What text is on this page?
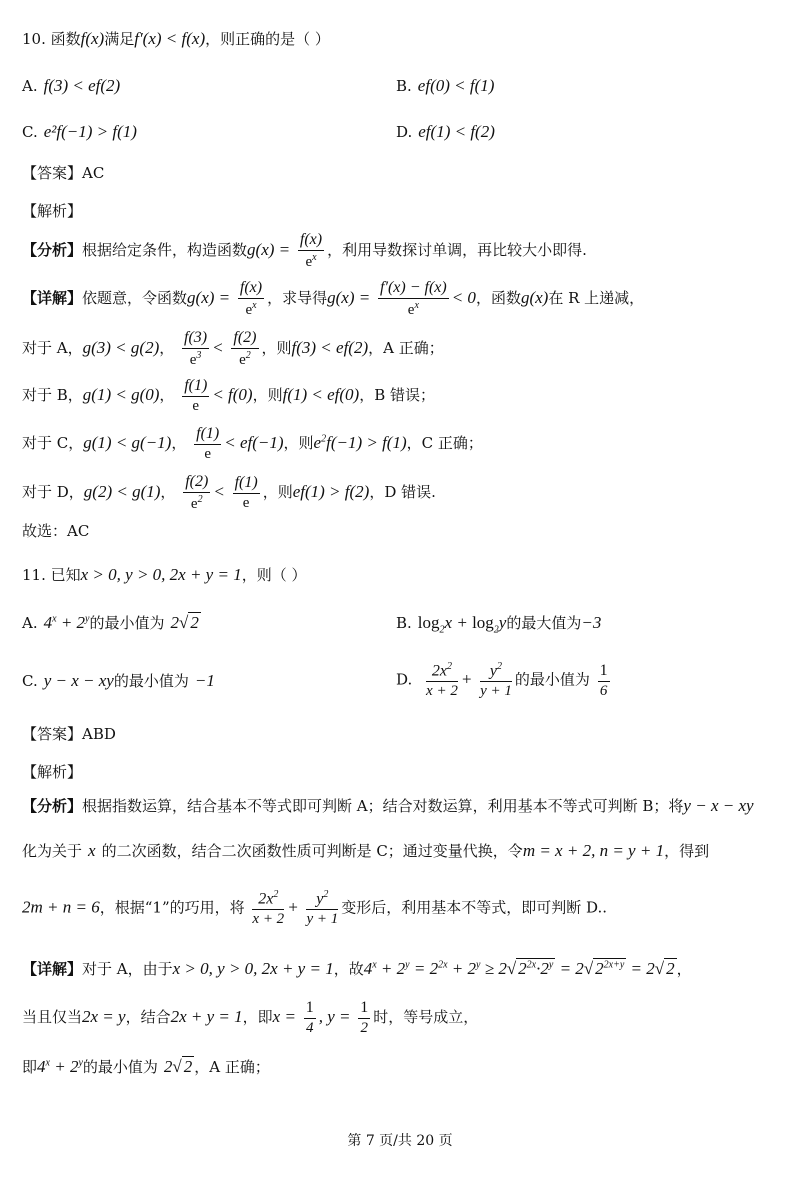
10. 函数f(x)满足f′(x) < f(x)，则正确的是（ ）
A. f(3) < ef(2)	B. ef(0) < f(1)
C. e²f(−1) > f(1)	D. ef(1) < f(2)
【答案】AC
【解析】
【分析】根据给定条件，构造函数$g(x) = \frac{f(x)}{e^x}$ ，利用导数探讨单调，再比较大小即得.
【详解】依题意，令函数$g(x) = \frac{f(x)}{e^x}$ ，求导得$g(x) = \frac{f'(x) - f(x)}{e^x} < 0$，函数g(x)在 R 上递减，
对于 A，g(3) < g(2)， $\frac{f(3)}{e^3} < \frac{f(2)}{e^2}$ ，则f(3) < ef(2)，A 正确；
对于 B，g(1) < g(0)， $\frac{f(1)}{e} < f(0)$，则f(1) < ef(0)，B 错误；
对于 C，g(1) < g(−1)， $\frac{f(1)}{e} < ef(-1)$，则$e^2f(-1) > f(1)$，C 正确；
对于 D，g(2) < g(1)， $\frac{f(2)}{e^2} < \frac{f(1)}{e}$ ，则ef(1) > f(2)，D 错误.
故选：AC
11. 已知x > 0, y > 0, 2x + y = 1，则（ ）
A. $4^x + 2^y$的最小值为 2√ 2	B. $\log_2x + \log_2y$的最大值为−3
C. y − x − xy的最小值为 −1	D. $\frac{2x^2}{x + 2} + \frac{y^2}{y + 1}$ 的最小值为 $\frac{1}{6}$
【答案】ABD
【解析】
【分析】根据指数运算，结合基本不等式即可判断 A；结合对数运算，利用基本不等式可判断 B；将y − x − xy
化为关于 x 的二次函数，结合二次函数性质可判断是 C；通过变量代换，令m = x + 2, n = y + 1，得到
2m + n = 6，根据“1”的巧用，将 $\frac{2x^2}{x + 2} + \frac{y^2}{y + 1}$ 变形后，利用基本不等式，即可判断 D..
【详解】对于 A，由于x > 0, y > 0, 2x + y = 1，故$4^x + 2^y = 2^{2x} + 2^y \ge 2√$ $2^{2x}\cdot 2^y = 2√$ $2^{2x+y} = 2√$ 2 ，
当且仅当2x = y，结合2x + y = 1，即$x = \frac{1}{4}$ , $y = \frac{1}{2}$ 时，等号成立，
即$4^x + 2^y$的最小值为 2√ 2 ，A 正确；
第 7 页/共 20 页
